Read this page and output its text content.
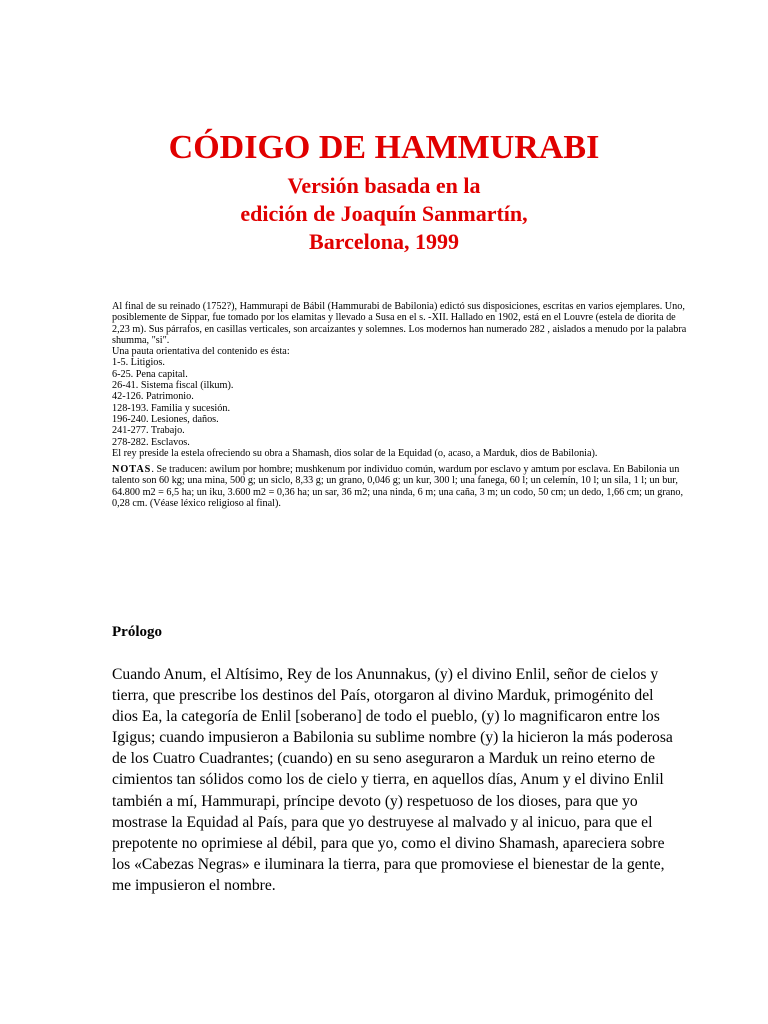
CÓDIGO DE HAMMURABI

Versión basada en la

edición de Joaquín Sanmartín,

Barcelona, 1999

Al final de su reinado (1752?), Hammurapi de Bábil (Hammurabi de Babilonia) edictó sus disposiciones, escritas en varios ejemplares. Uno, posiblemente de Sippar, fue tomado por los elamitas y llevado a Susa en el s. -XII. Hallado en 1902, está en el Louvre (estela de diorita de 2,23 m). Sus párrafos, en casillas verticales, son arcaizantes y solemnes. Los modernos han numerado 282 , aislados a menudo por la palabra shumma, "si".

Una pauta orientativa del contenido es ésta:

1-5. Litigios.
6-25. Pena capital.
26-41. Sistema fiscal (ilkum).
42-126. Patrimonio.
128-193. Familia y sucesión.
196-240. Lesiones, daños.
241-277. Trabajo.
278-282. Esclavos.

El rey preside la estela ofreciendo su obra a Shamash, dios solar de la Equidad (o, acaso, a Marduk, dios de Babilonia).

NOTAS. Se traducen: awilum por hombre; mushkenum por individuo común, wardum por esclavo y amtum por esclava. En Babilonia un talento son 60 kg; una mina, 500 g; un siclo, 8,33 g; un grano, 0,046 g; un kur, 300 l; una fanega, 60 l; un celemín, 10 l; un sila, 1 l; un bur, 64.800 m2 = 6,5 ha; un iku, 3.600 m2 = 0,36 ha; un sar, 36 m2; una ninda, 6 m; una caña, 3 m; un codo, 50 cm; un dedo, 1,66 cm; un grano, 0,28 cm. (Véase léxico religioso al final).

Prólogo

Cuando Anum, el Altísimo, Rey de los Anunnakus, (y) el divino Enlil, señor de cielos y tierra, que prescribe los destinos del País, otorgaron al divino Marduk, primogénito del dios Ea, la categoría de Enlil [soberano] de todo el pueblo, (y) lo magnificaron entre los Igigus; cuando impusieron a Babilonia su sublime nombre (y) la hicieron la más poderosa de los Cuatro Cuadrantes; (cuando) en su seno aseguraron a Marduk un reino eterno de cimientos tan sólidos como los de cielo y tierra, en aquellos días, Anum y el divino Enlil también a mí, Hammurapi, príncipe devoto (y) respetuoso de los dioses, para que yo mostrase la Equidad al País, para que yo destruyese al malvado y al inicuo, para que el prepotente no oprimiese al débil, para que yo, como el divino Shamash, apareciera sobre los «Cabezas Negras» e iluminara la tierra, para que promoviese el bienestar de la gente, me impusieron el nombre.
